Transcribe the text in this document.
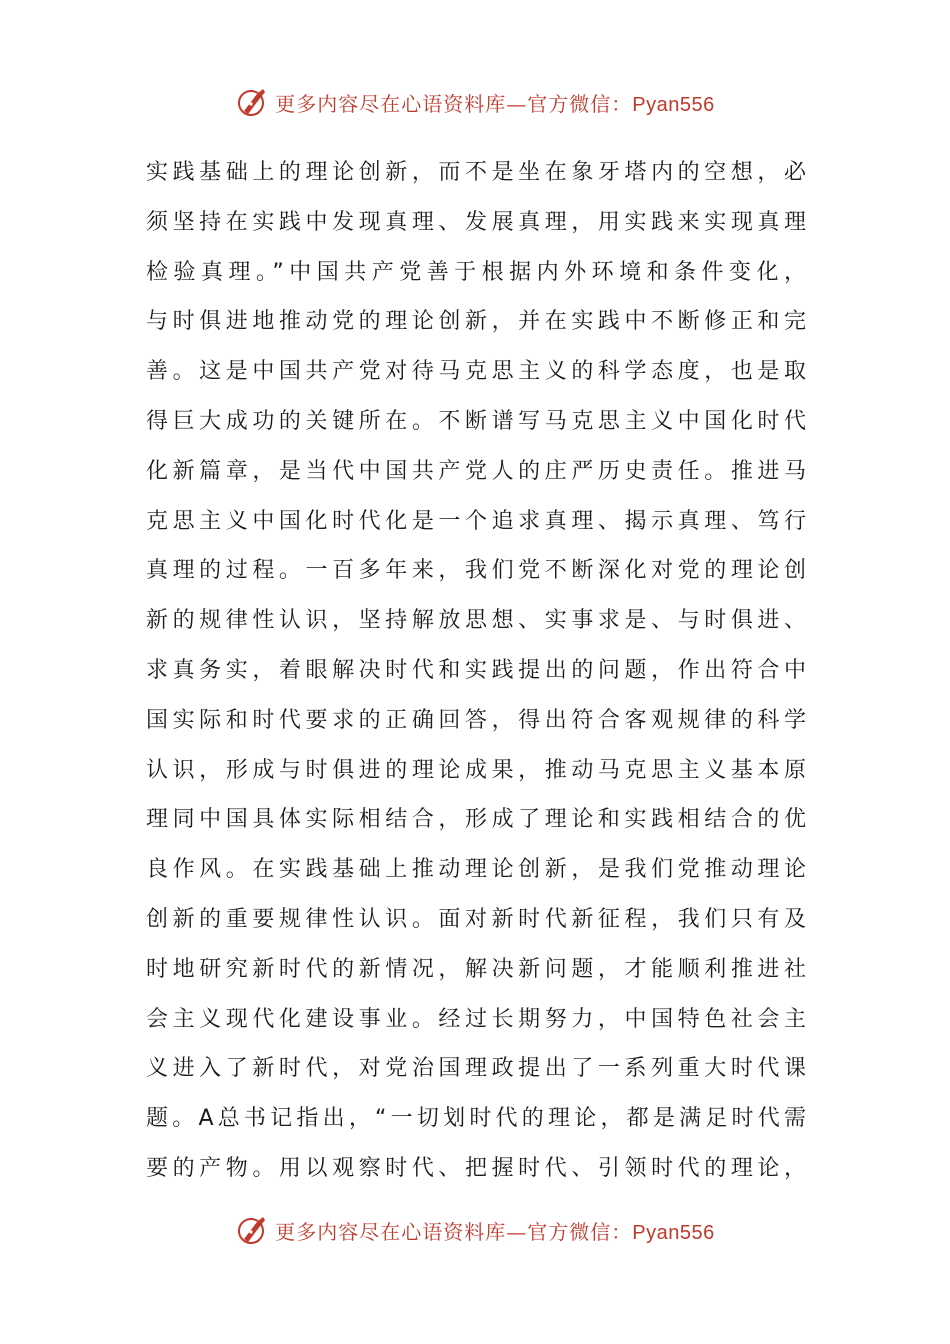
更多内容尽在心语资料库—官方微信：Pyan556
实践基础上的理论创新，而不是坐在象牙塔内的空想，必
须坚持在实践中发现真理、发展真理，用实践来实现真理
检验真理。”中国共产党善于根据内外环境和条件变化，
与时俱进地推动党的理论创新，并在实践中不断修正和完
善。这是中国共产党对待马克思主义的科学态度，也是取
得巨大成功的关键所在。不断谱写马克思主义中国化时代
化新篇章，是当代中国共产党人的庄严历史责任。推进马
克思主义中国化时代化是一个追求真理、揭示真理、笃行
真理的过程。一百多年来，我们党不断深化对党的理论创
新的规律性认识，坚持解放思想、实事求是、与时俱进、
求真务实，着眼解决时代和实践提出的问题，作出符合中
国实际和时代要求的正确回答，得出符合客观规律的科学
认识，形成与时俱进的理论成果，推动马克思主义基本原
理同中国具体实际相结合，形成了理论和实践相结合的优
良作风。在实践基础上推动理论创新，是我们党推动理论
创新的重要规律性认识。面对新时代新征程，我们只有及
时地研究新时代的新情况，解决新问题，才能顺利推进社
会主义现代化建设事业。经过长期努力，中国特色社会主
义进入了新时代，对党治国理政提出了一系列重大时代课
题。A总书记指出，“一切划时代的理论，都是满足时代需
要的产物。用以观察时代、把握时代、引领时代的理论，
更多内容尽在心语资料库—官方微信：Pyan556
